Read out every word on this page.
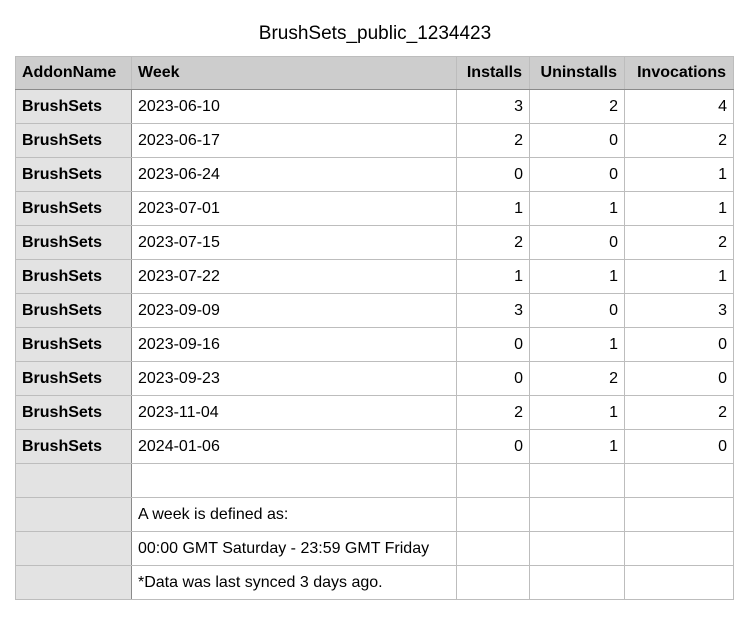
BrushSets_public_1234423
AddonName	Week	Installs	Uninstalls	Invocations
BrushSets	2023-06-10	3	2	4
BrushSets	2023-06-17	2	0	2
BrushSets	2023-06-24	0	0	1
BrushSets	2023-07-01	1	1	1
BrushSets	2023-07-15	2	0	2
BrushSets	2023-07-22	1	1	1
BrushSets	2023-09-09	3	0	3
BrushSets	2023-09-16	0	1	0
BrushSets	2023-09-23	0	2	0
BrushSets	2023-11-04	2	1	2
BrushSets	2024-01-06	0	1	0

	A week is defined as:			
	00:00 GMT Saturday - 23:59 GMT Friday			
	*Data was last synced 3 days ago.			
